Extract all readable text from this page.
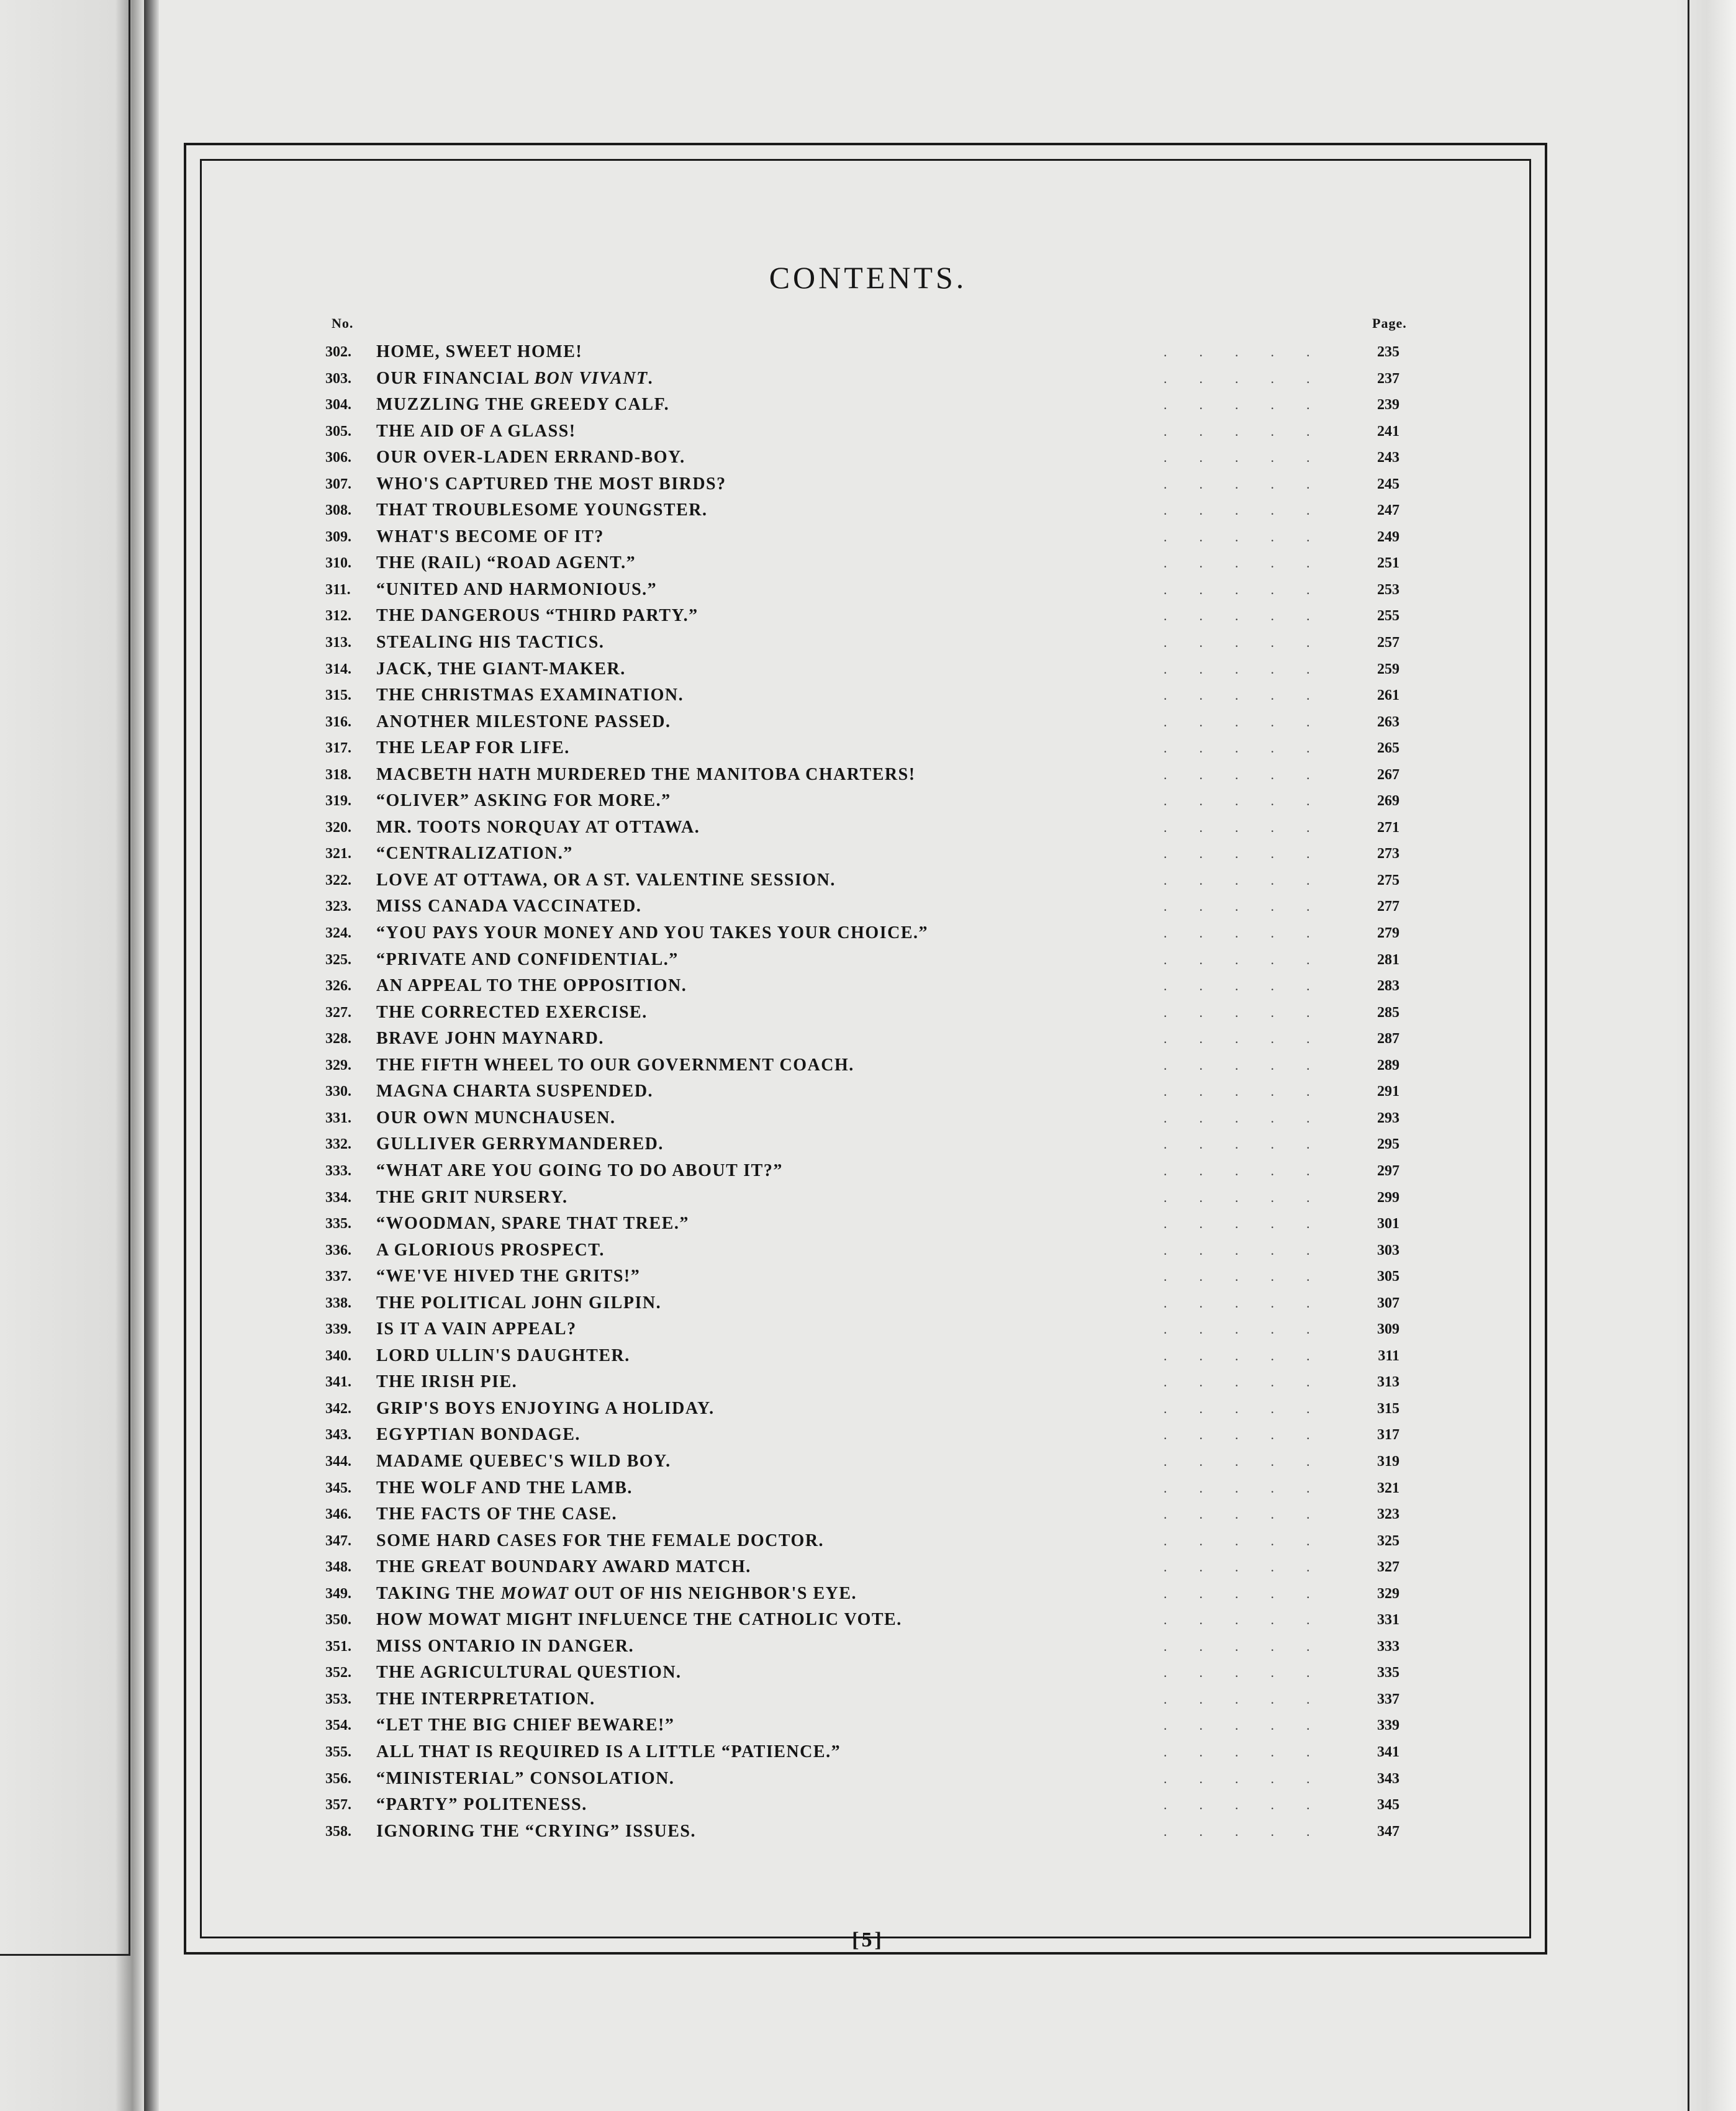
CONTENTS.
No.	Page.
302.	HOME, SWEET HOME!	.....	235
303.	OUR FINANCIAL BON VIVANT.	.....	237
304.	MUZZLING THE GREEDY CALF.	.....	239
305.	THE AID OF A GLASS!	.....	241
306.	OUR OVER-LADEN ERRAND-BOY.	.....	243
307.	WHO'S CAPTURED THE MOST BIRDS?	.....	245
308.	THAT TROUBLESOME YOUNGSTER.	.....	247
309.	WHAT'S BECOME OF IT?	.....	249
310.	THE (RAIL) “ROAD AGENT.”	.....	251
311.	“UNITED AND HARMONIOUS.”	.....	253
312.	THE DANGEROUS “THIRD PARTY.”	.....	255
313.	STEALING HIS TACTICS.	.....	257
314.	JACK, THE GIANT-MAKER.	.....	259
315.	THE CHRISTMAS EXAMINATION.	.....	261
316.	ANOTHER MILESTONE PASSED.	.....	263
317.	THE LEAP FOR LIFE.	.....	265
318.	MACBETH HATH MURDERED THE MANITOBA CHARTERS!	.....	267
319.	“OLIVER” ASKING FOR MORE.”	.....	269
320.	MR. TOOTS NORQUAY AT OTTAWA.	.....	271
321.	“CENTRALIZATION.”	.....	273
322.	LOVE AT OTTAWA, OR A ST. VALENTINE SESSION.	.....	275
323.	MISS CANADA VACCINATED.	.....	277
324.	“YOU PAYS YOUR MONEY AND YOU TAKES YOUR CHOICE.”	.....	279
325.	“PRIVATE AND CONFIDENTIAL.”	.....	281
326.	AN APPEAL TO THE OPPOSITION.	.....	283
327.	THE CORRECTED EXERCISE.	.....	285
328.	BRAVE JOHN MAYNARD.	.....	287
329.	THE FIFTH WHEEL TO OUR GOVERNMENT COACH.	.....	289
330.	MAGNA CHARTA SUSPENDED.	.....	291
331.	OUR OWN MUNCHAUSEN.	.....	293
332.	GULLIVER GERRYMANDERED.	.....	295
333.	“WHAT ARE YOU GOING TO DO ABOUT IT?”	.....	297
334.	THE GRIT NURSERY.	.....	299
335.	“WOODMAN, SPARE THAT TREE.”	.....	301
336.	A GLORIOUS PROSPECT.	.....	303
337.	“WE'VE HIVED THE GRITS!”	.....	305
338.	THE POLITICAL JOHN GILPIN.	.....	307
339.	IS IT A VAIN APPEAL?	.....	309
340.	LORD ULLIN'S DAUGHTER.	.....	311
341.	THE IRISH PIE.	.....	313
342.	GRIP'S BOYS ENJOYING A HOLIDAY.	.....	315
343.	EGYPTIAN BONDAGE.	.....	317
344.	MADAME QUEBEC'S WILD BOY.	.....	319
345.	THE WOLF AND THE LAMB.	.....	321
346.	THE FACTS OF THE CASE.	.....	323
347.	SOME HARD CASES FOR THE FEMALE DOCTOR.	.....	325
348.	THE GREAT BOUNDARY AWARD MATCH.	.....	327
349.	TAKING THE MOWAT OUT OF HIS NEIGHBOR'S EYE.	.....	329
350.	HOW MOWAT MIGHT INFLUENCE THE CATHOLIC VOTE.	.....	331
351.	MISS ONTARIO IN DANGER.	.....	333
352.	THE AGRICULTURAL QUESTION.	.....	335
353.	THE INTERPRETATION.	.....	337
354.	“LET THE BIG CHIEF BEWARE!”	.....	339
355.	ALL THAT IS REQUIRED IS A LITTLE “PATIENCE.”	.....	341
356.	“MINISTERIAL” CONSOLATION.	.....	343
357.	“PARTY” POLITENESS.	.....	345
358.	IGNORING THE “CRYING” ISSUES.	.....	347
[5]
